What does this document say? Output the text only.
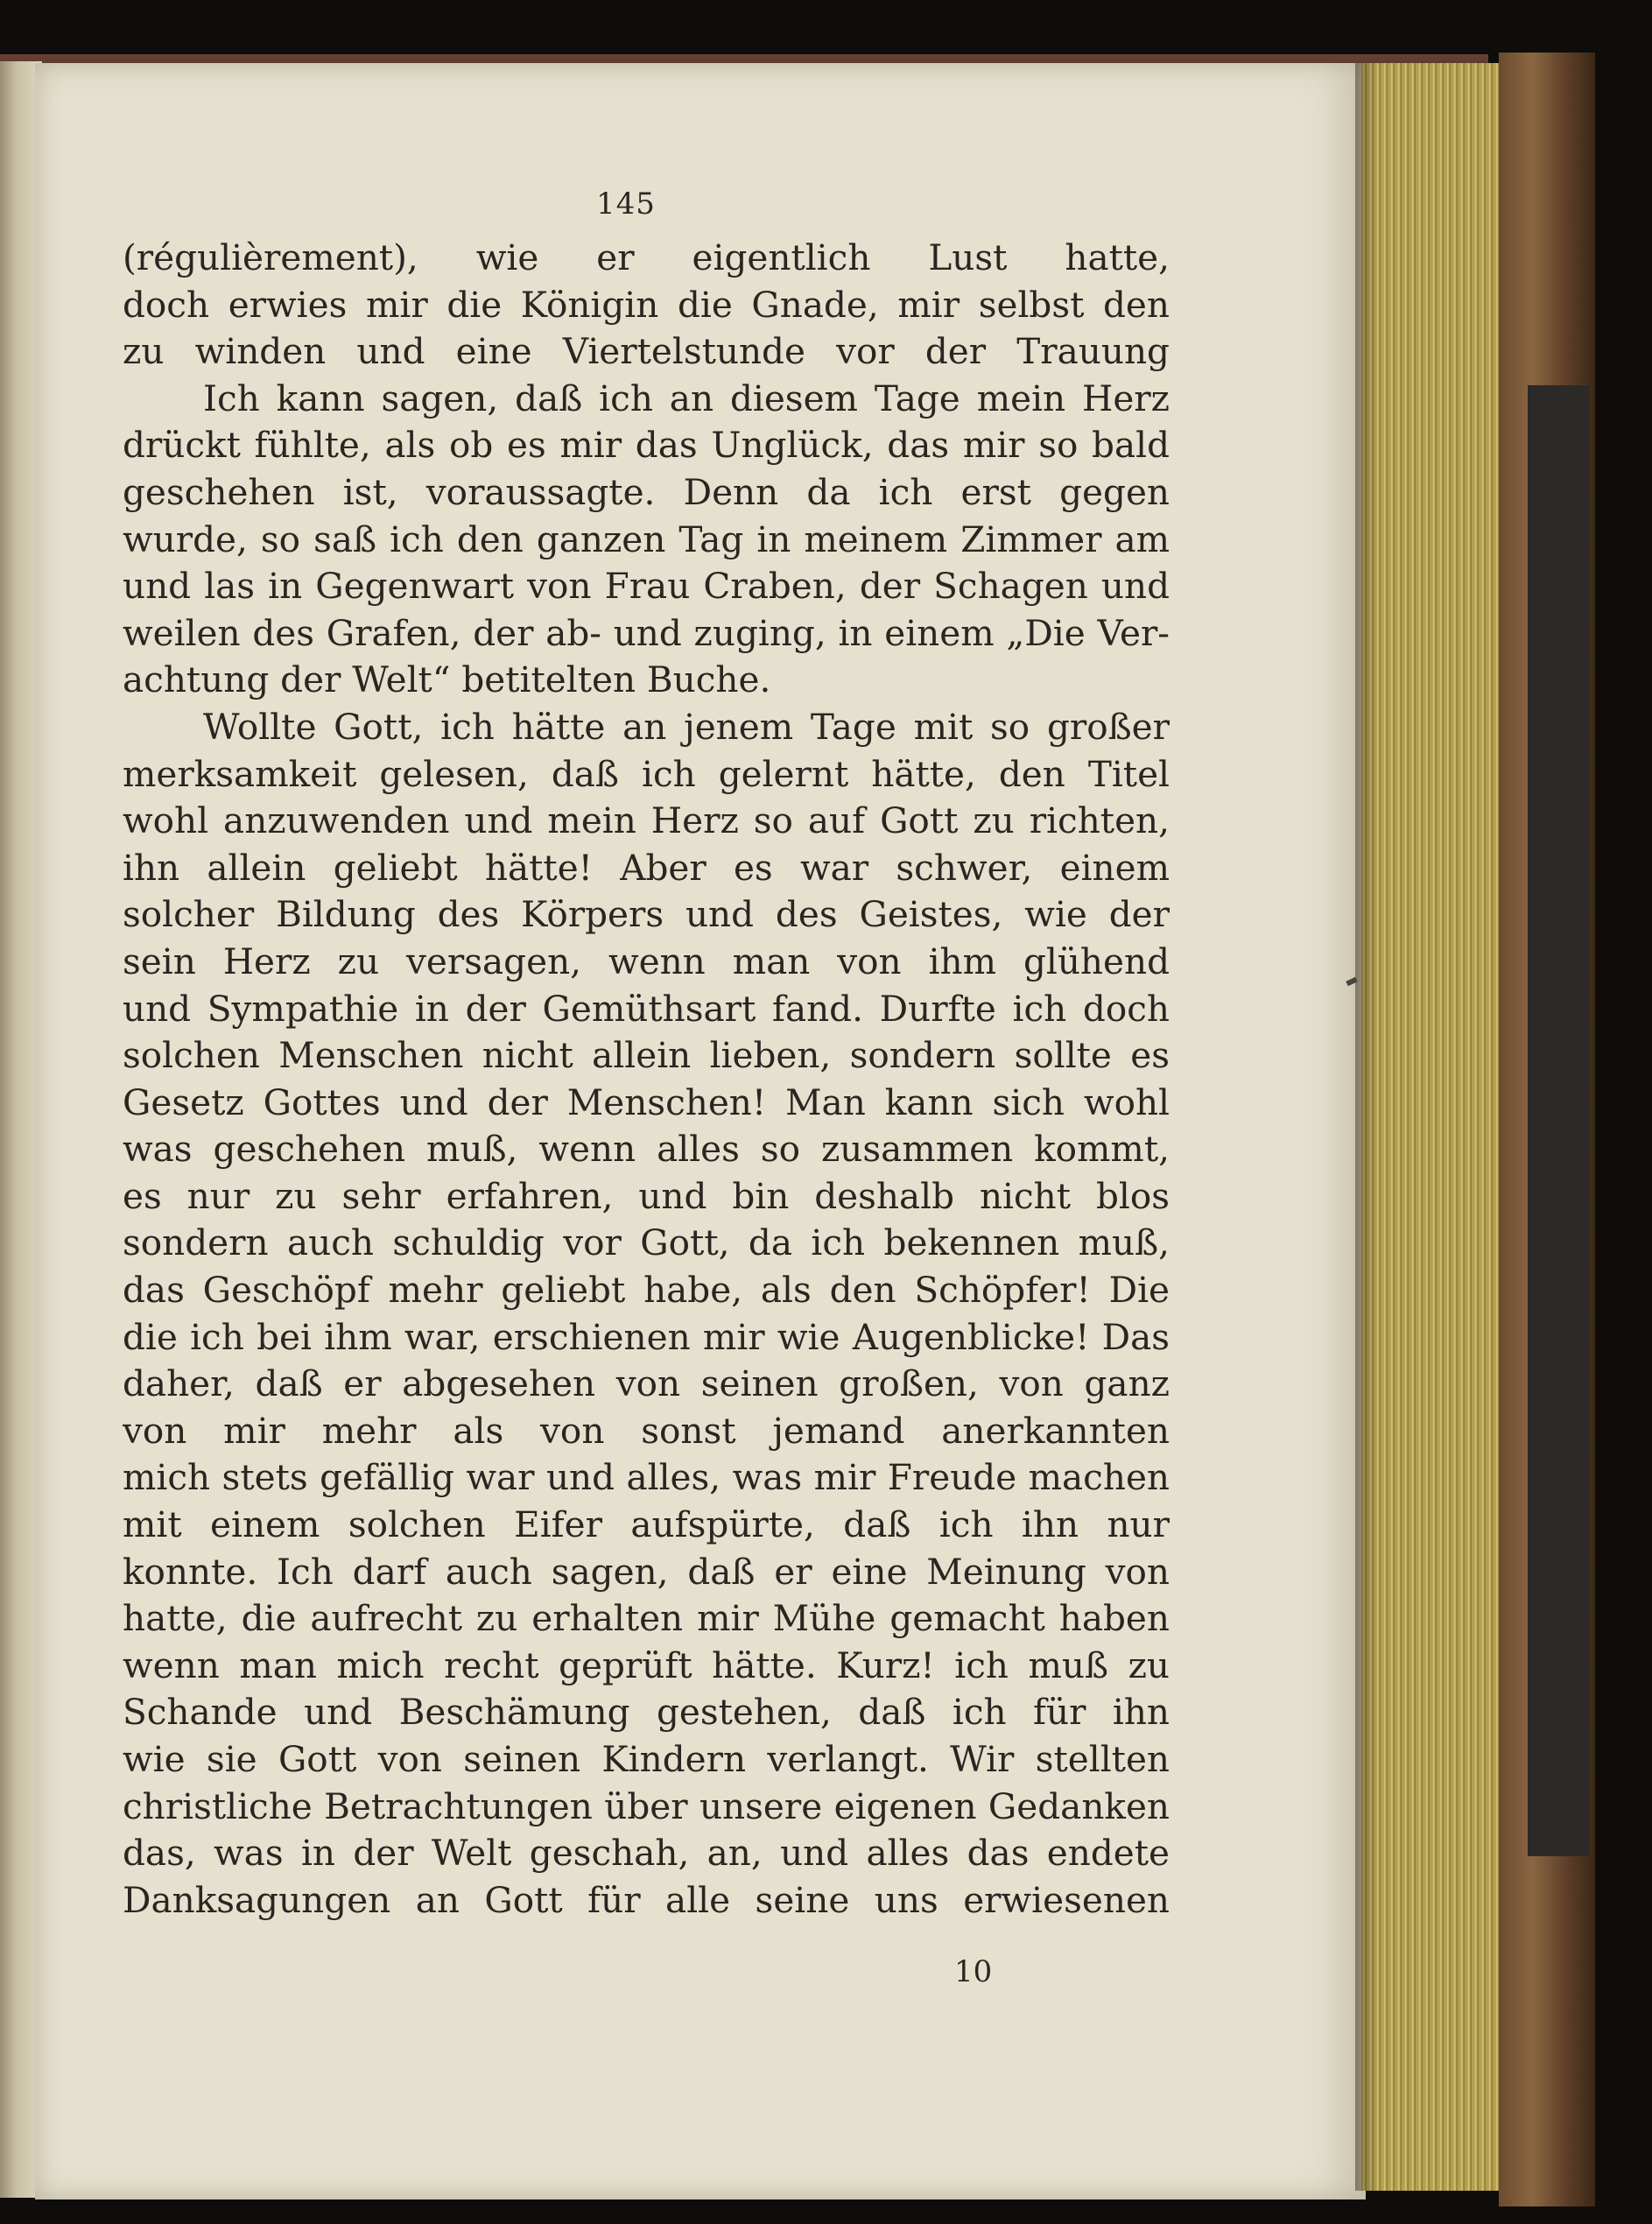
145
(régulièrement), wie er eigentlich Lust hatte,
doch erwies mir die Königin die Gnade, mir selbst den
zu winden und eine Viertelstunde vor der Trauung
Ich kann sagen, daß ich an diesem Tage mein Herz
drückt fühlte, als ob es mir das Unglück, das mir so bald
geschehen ist, voraussagte. Denn da ich erst gegen
wurde, so saß ich den ganzen Tag in meinem Zimmer am
und las in Gegenwart von Frau Craben, der Schagen und
weilen des Grafen, der ab- und zuging, in einem „Die Ver-
achtung der Welt“ betitelten Buche.
Wollte Gott, ich hätte an jenem Tage mit so großer
merksamkeit gelesen, daß ich gelernt hätte, den Titel
wohl anzuwenden und mein Herz so auf Gott zu richten,
ihn allein geliebt hätte! Aber es war schwer, einem
solcher Bildung des Körpers und des Geistes, wie der
sein Herz zu versagen, wenn man von ihm glühend
und Sympathie in der Gemüthsart fand. Durfte ich doch
solchen Menschen nicht allein lieben, sondern sollte es
Gesetz Gottes und der Menschen! Man kann sich wohl
was geschehen muß, wenn alles so zusammen kommt,
es nur zu sehr erfahren, und bin deshalb nicht blos
sondern auch schuldig vor Gott, da ich bekennen muß,
das Geschöpf mehr geliebt habe, als den Schöpfer! Die
die ich bei ihm war, erschienen mir wie Augenblicke! Das
daher, daß er abgesehen von seinen großen, von ganz
von mir mehr als von sonst jemand anerkannten
mich stets gefällig war und alles, was mir Freude machen
mit einem solchen Eifer aufspürte, daß ich ihn nur
konnte. Ich darf auch sagen, daß er eine Meinung von
hatte, die aufrecht zu erhalten mir Mühe gemacht haben
wenn man mich recht geprüft hätte. Kurz! ich muß zu
Schande und Beschämung gestehen, daß ich für ihn
wie sie Gott von seinen Kindern verlangt. Wir stellten
christliche Betrachtungen über unsere eigenen Gedanken
das, was in der Welt geschah, an, und alles das endete
Danksagungen an Gott für alle seine uns erwiesenen
10
